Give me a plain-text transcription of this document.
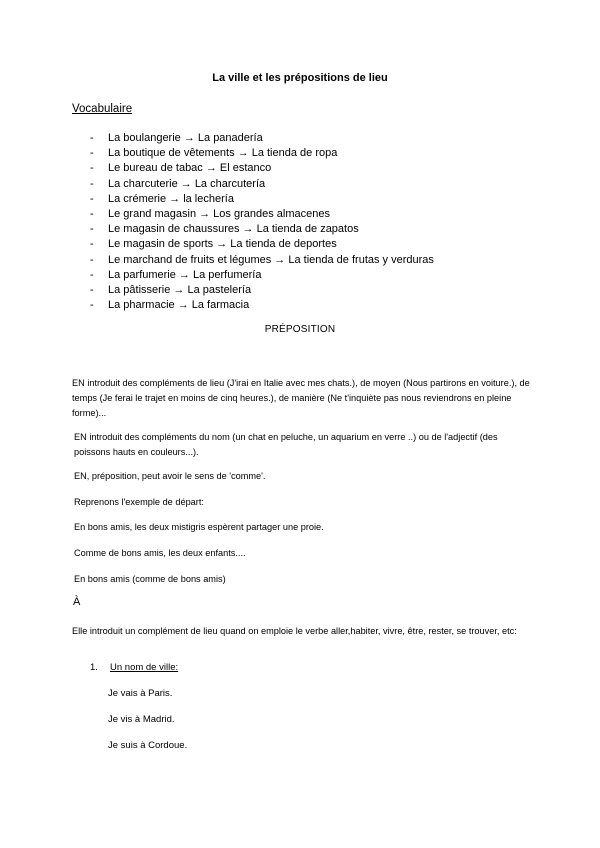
La ville et les prépositions de lieu
Vocabulaire
- La boulangerie → La panadería
- La boutique de vêtements → La tienda de ropa
- Le bureau de tabac → El estanco
- La charcuterie → La charcutería
- La crémerie → la lechería
- Le grand magasin → Los grandes almacenes
- Le magasin de chaussures → La tienda de zapatos
- Le magasin de sports → La tienda de deportes
- Le marchand de fruits et légumes → La tienda de frutas y verduras
- La parfumerie → La perfumería
- La pâtisserie → La pastelería
- La pharmacie → La farmacia
PRÉPOSITION
EN introduit des compléments de lieu (J'irai en Italie avec mes chats.), de moyen (Nous partirons en voiture.), de temps (Je ferai le trajet en moins de cinq heures.), de manière (Ne t'inquiète pas nous reviendrons en pleine forme)...
EN introduit des compléments du nom (un chat en peluche, un aquarium en verre ..) ou de l'adjectif (des poissons hauts en couleurs...).
EN, préposition, peut avoir le sens de 'comme'.
Reprenons l'exemple de départ:
En bons amis, les deux mistigris espèrent partager une proie.
Comme de bons amis, les deux enfants....
En bons amis (comme de bons amis)
À
Elle introduit un complément de lieu quand on emploie le verbe aller,habiter, vivre, être, rester, se trouver, etc:
1. Un nom de ville:
Je vais à Paris.
Je vis à Madrid.
Je suis à Cordoue.
